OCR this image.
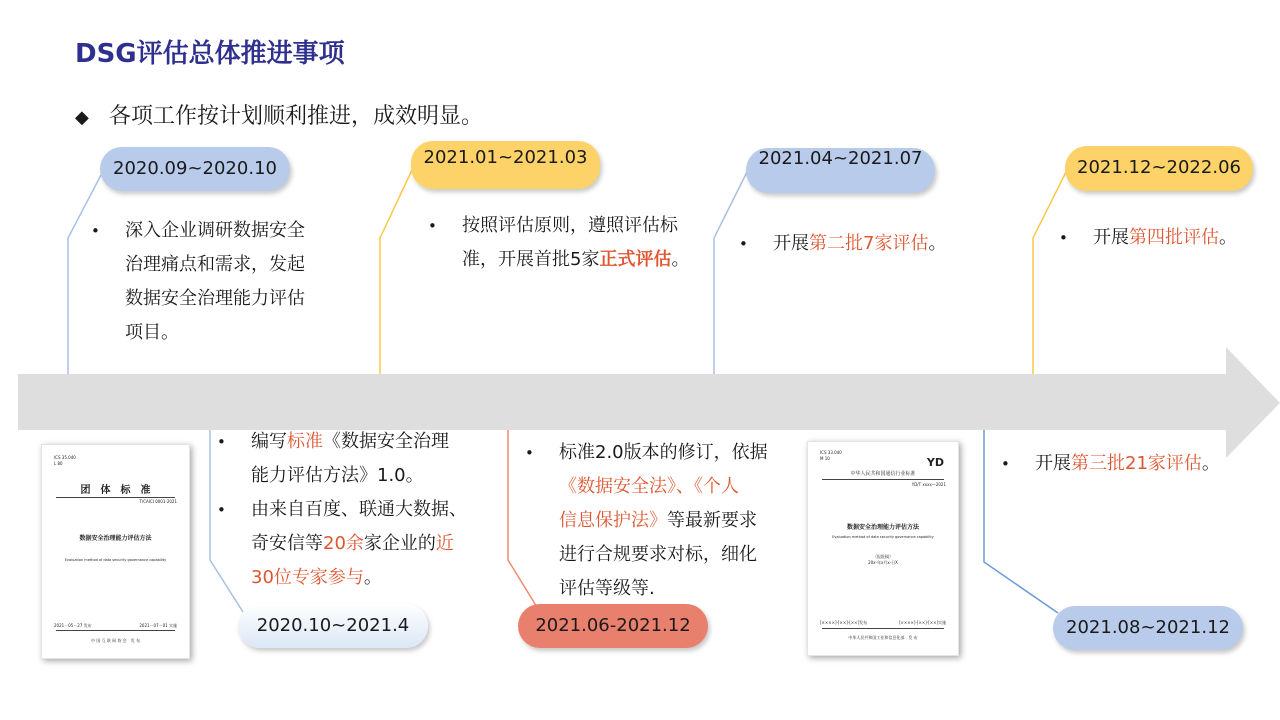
DSG评估总体推进事项
◆ 各项工作按计划顺利推进，成效明显。
2020.09~2020.10
2021.01~2021.03	2021.04~2021.07	2021.12~2022.06
• 深入企业调研数据安全
治理痛点和需求，发起
数据安全治理能力评估
项目。
• 按照评估原则，遵照评估标
准，开展首批5家正式评估。
• 开展第二批7家评估。
•	开展第四批评估。
• 编写标准《数据安全治理
能力评估方法》1.0。
• 由来自百度、联通大数据、
奇安信等20余家企业的近
30位专家参与。
• 标准2.0版本的修订，依据
《数据安全法》、《个人
信息保护法》等最新要求
进行合规要求对标，细化
评估等级等.
• 开展第三批21家评估。
2020.10~2021.4	2021.06-2021.12	2021.08~2021.12
ICS 35.040
L 80
团　体　标　准
T/CAICI 0001-2021
数据安全治理能力评估方法
Evaluation method of data security governance capability
2021－05－27 发布	2021－07－01 实施
中 国 互 联 网 协 会　发 布
ICS 33.040
M 10	YD
中华人民共和国通信行业标准
YD/T xxxx—2021
数据安全治理能力评估方法
Evaluation method of data security governance capability
（报批稿）
20x-年x月x-日X
[××××]-[××]-[××]发布	[××××]-[××]-[××]实施
中华人民共和国工业和信息化部　发 布
